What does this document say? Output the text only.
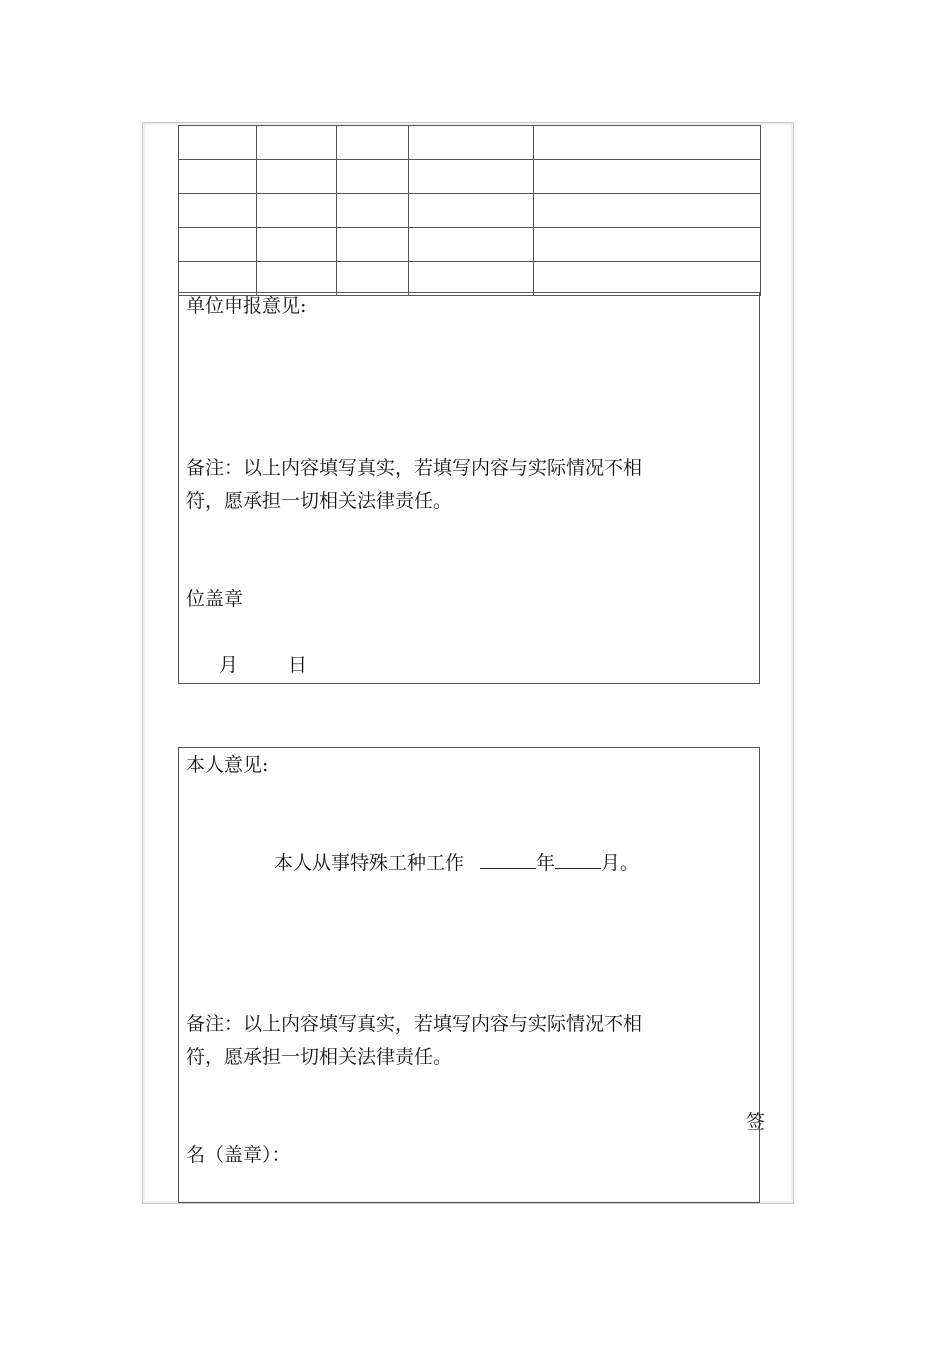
单位申报意见:
备注：以上内容填写真实，若填写内容与实际情况不相
符，愿承担一切相关法律责任。
位盖章
月	日
本人意见:
本人从事特殊工种工作	年 月。
备注：以上内容填写真实，若填写内容与实际情况不相
符，愿承担一切相关法律责任。
签
名（盖章）：
